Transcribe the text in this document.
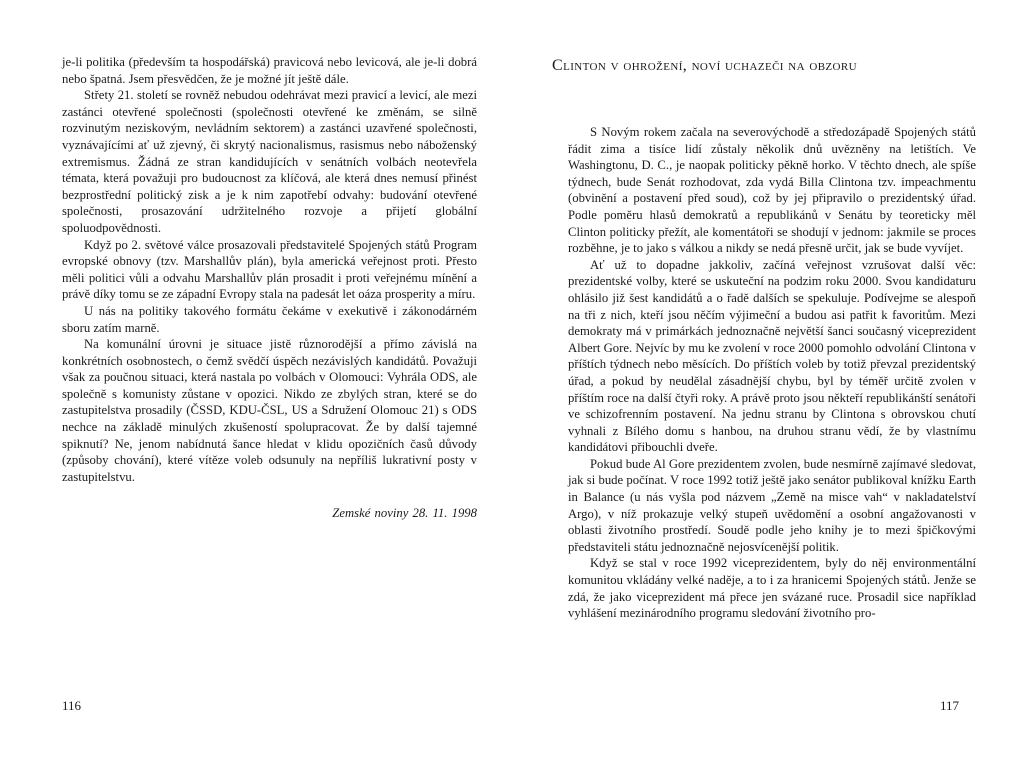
je-li politika (především ta hospodářská) pravicová nebo levicová, ale je-li dobrá nebo špatná. Jsem přesvědčen, že je možné jít ještě dále.

Střety 21. století se rovněž nebudou odehrávat mezi pravicí a levicí, ale mezi zastánci otevřené společnosti (společnosti otevřené ke změnám, se silně rozvinutým neziskovým, nevládním sektorem) a zastánci uzavřené společnosti, vyznávajícími ať už zjevný, či skrytý nacionalismus, rasismus nebo náboženský extremismus. Žádná ze stran kandidujících v senátních volbách neotevřela témata, která považuji pro budoucnost za klíčová, ale která dnes nemusí přinést bezprostřední politický zisk a je k nim zapotřebí odvahy: budování otevřené společnosti, prosazování udržitelného rozvoje a přijetí globální spoluodpovědnosti.

Když po 2. světové válce prosazovali představitelé Spojených států Program evropské obnovy (tzv. Marshallův plán), byla americká veřejnost proti. Přesto měli politici vůli a odvahu Marshallův plán prosadit i proti veřejnému mínění a právě díky tomu se ze západní Evropy stala na padesát let oáza prosperity a míru.

U nás na politiky takového formátu čekáme v exekutivě i zákonodárném sboru zatím marně.

Na komunální úrovni je situace jistě různorodější a přímo závislá na konkrétních osobnostech, o čemž svědčí úspěch nezávislých kandidátů. Považuji však za poučnou situaci, která nastala po volbách v Olomouci: Vyhrála ODS, ale společně s komunisty zůstane v opozici. Nikdo ze zbylých stran, které se do zastupitelstva prosadily (ČSSD, KDU-ČSL, US a Sdružení Olomouc 21) s ODS nechce na základě minulých zkušeností spolupracovat. Že by další tajemné spiknutí? Ne, jenom nabídnutá šance hledat v klidu opozičních časů důvody (způsoby chování), které vítěze voleb odsunuly na nepříliš lukrativní posty v zastupitelstvu.

Zemské noviny 28. 11. 1998

116
Clinton v ohrožení, noví uchazeči na obzoru

S Novým rokem začala na severovýchodě a středozápadě Spojených států řádit zima a tisíce lidí zůstaly několik dnů uvězněny na letištích. Ve Washingtonu, D. C., je naopak politicky pěkně horko. V těchto dnech, ale spíše týdnech, bude Senát rozhodovat, zda vydá Billa Clintona tzv. impeachmentu (obvinění a postavení před soud), což by jej připravilo o prezidentský úřad. Podle poměru hlasů demokratů a republikánů v Senátu by teoreticky měl Clinton politicky přežít, ale komentátoři se shodují v jednom: jakmile se proces rozběhne, je to jako s válkou a nikdy se nedá přesně určit, jak se bude vyvíjet.

Ať už to dopadne jakkoliv, začíná veřejnost vzrušovat další věc: prezidentské volby, které se uskuteční na podzim roku 2000. Svou kandidaturu ohlásilo již šest kandidátů a o řadě dalších se spekuluje. Podívejme se alespoň na tři z nich, kteří jsou něčím výjimeční a budou asi patřit k favoritům. Mezi demokraty má v primárkách jednoznačně největší šanci současný viceprezident Albert Gore. Nejvíc by mu ke zvolení v roce 2000 pomohlo odvolání Clintona v příštích týdnech nebo měsících. Do příštích voleb by totiž převzal prezidentský úřad, a pokud by neudělal zásadnější chybu, byl by téměř určitě zvolen v příštím roce na další čtyři roky. A právě proto jsou někteří republikánští senátoři ve schizofrenním postavení. Na jednu stranu by Clintona s obrovskou chutí vyhnali z Bílého domu s hanbou, na druhou stranu vědí, že by vlastnímu kandidátovi přibouchli dveře.

Pokud bude Al Gore prezidentem zvolen, bude nesmírně zajímavé sledovat, jak si bude počínat. V roce 1992 totiž ještě jako senátor publikoval knížku Earth in Balance (u nás vyšla pod názvem „Země na misce vah“ v nakladatelství Argo), v níž prokazuje velký stupeň uvědomění a osobní angažovanosti v oblasti životního prostředí. Soudě podle jeho knihy je to mezi špičkovými představiteli státu jednoznačně nejosvícenější politik.

Když se stal v roce 1992 viceprezidentem, byly do něj environmentální komunitou vkládány velké naděje, a to i za hranicemi Spojených států. Jenže se zdá, že jako viceprezident má přece jen svázané ruce. Prosadil sice například vyhlášení mezinárodního programu sledování životního pro-

117
